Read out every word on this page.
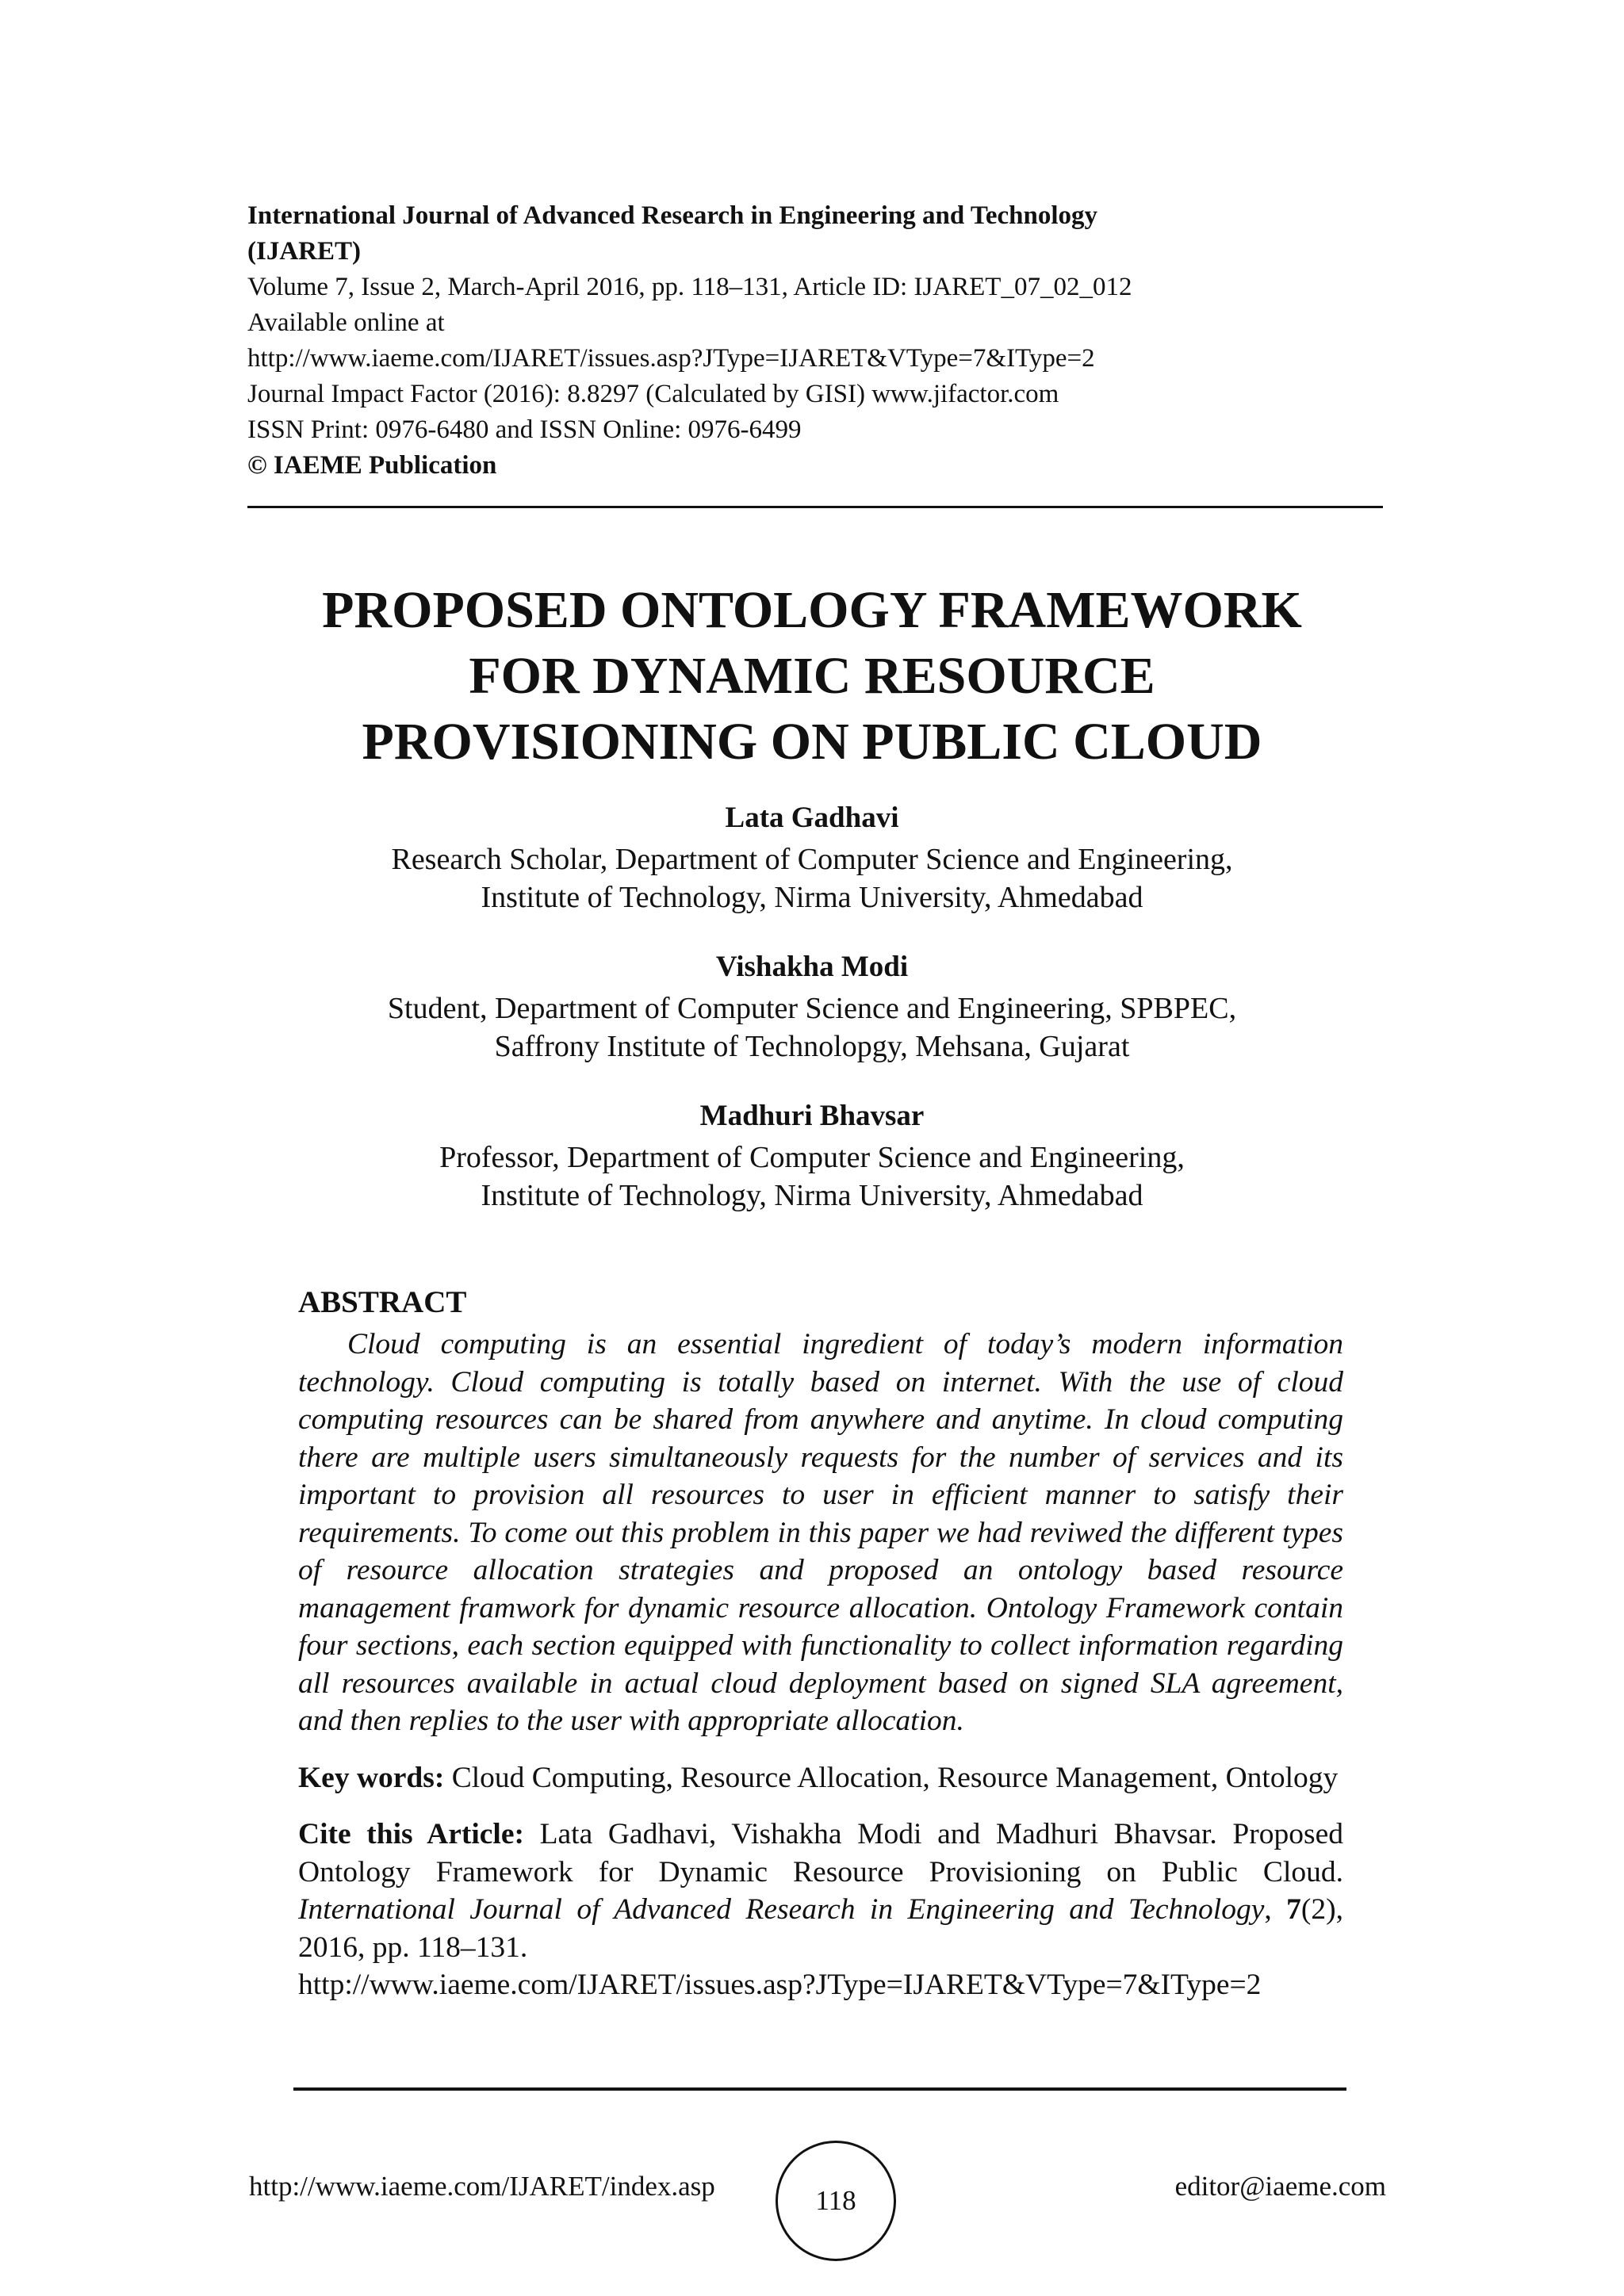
International Journal of Advanced Research in Engineering and Technology
(IJARET)
Volume 7, Issue 2, March-April 2016, pp. 118–131, Article ID: IJARET_07_02_012
Available online at
http://www.iaeme.com/IJARET/issues.asp?JType=IJARET&VType=7&IType=2
Journal Impact Factor (2016): 8.8297 (Calculated by GISI) www.jifactor.com
ISSN Print: 0976-6480 and ISSN Online: 0976-6499
© IAEME Publication
PROPOSED ONTOLOGY FRAMEWORK
FOR DYNAMIC RESOURCE
PROVISIONING ON PUBLIC CLOUD
Lata Gadhavi
Research Scholar, Department of Computer Science and Engineering,
Institute of Technology, Nirma University, Ahmedabad
Vishakha Modi
Student, Department of Computer Science and Engineering, SPBPEC,
Saffrony Institute of Technolopgy, Mehsana, Gujarat
Madhuri Bhavsar
Professor, Department of Computer Science and Engineering,
Institute of Technology, Nirma University, Ahmedabad
ABSTRACT

Cloud computing is an essential ingredient of today’s modern information technology. Cloud computing is totally based on internet. With the use of cloud computing resources can be shared from anywhere and anytime. In cloud computing there are multiple users simultaneously requests for the number of services and its important to provision all resources to user in efficient manner to satisfy their requirements. To come out this problem in this paper we had reviwed the different types of resource allocation strategies and proposed an ontology based resource management framwork for dynamic resource allocation. Ontology Framework contain four sections, each section equipped with functionality to collect information regarding all resources available in actual cloud deployment based on signed SLA agreement, and then replies to the user with appropriate allocation.

Key words: Cloud Computing, Resource Allocation, Resource Management, Ontology

Cite this Article: Lata Gadhavi, Vishakha Modi and Madhuri Bhavsar. Proposed Ontology Framework for Dynamic Resource Provisioning on Public Cloud. International Journal of Advanced Research in Engineering and Technology, 7(2), 2016, pp. 118–131.
http://www.iaeme.com/IJARET/issues.asp?JType=IJARET&VType=7&IType=2

http://www.iaeme.com/IJARET/index.asp	118	editor@iaeme.com
